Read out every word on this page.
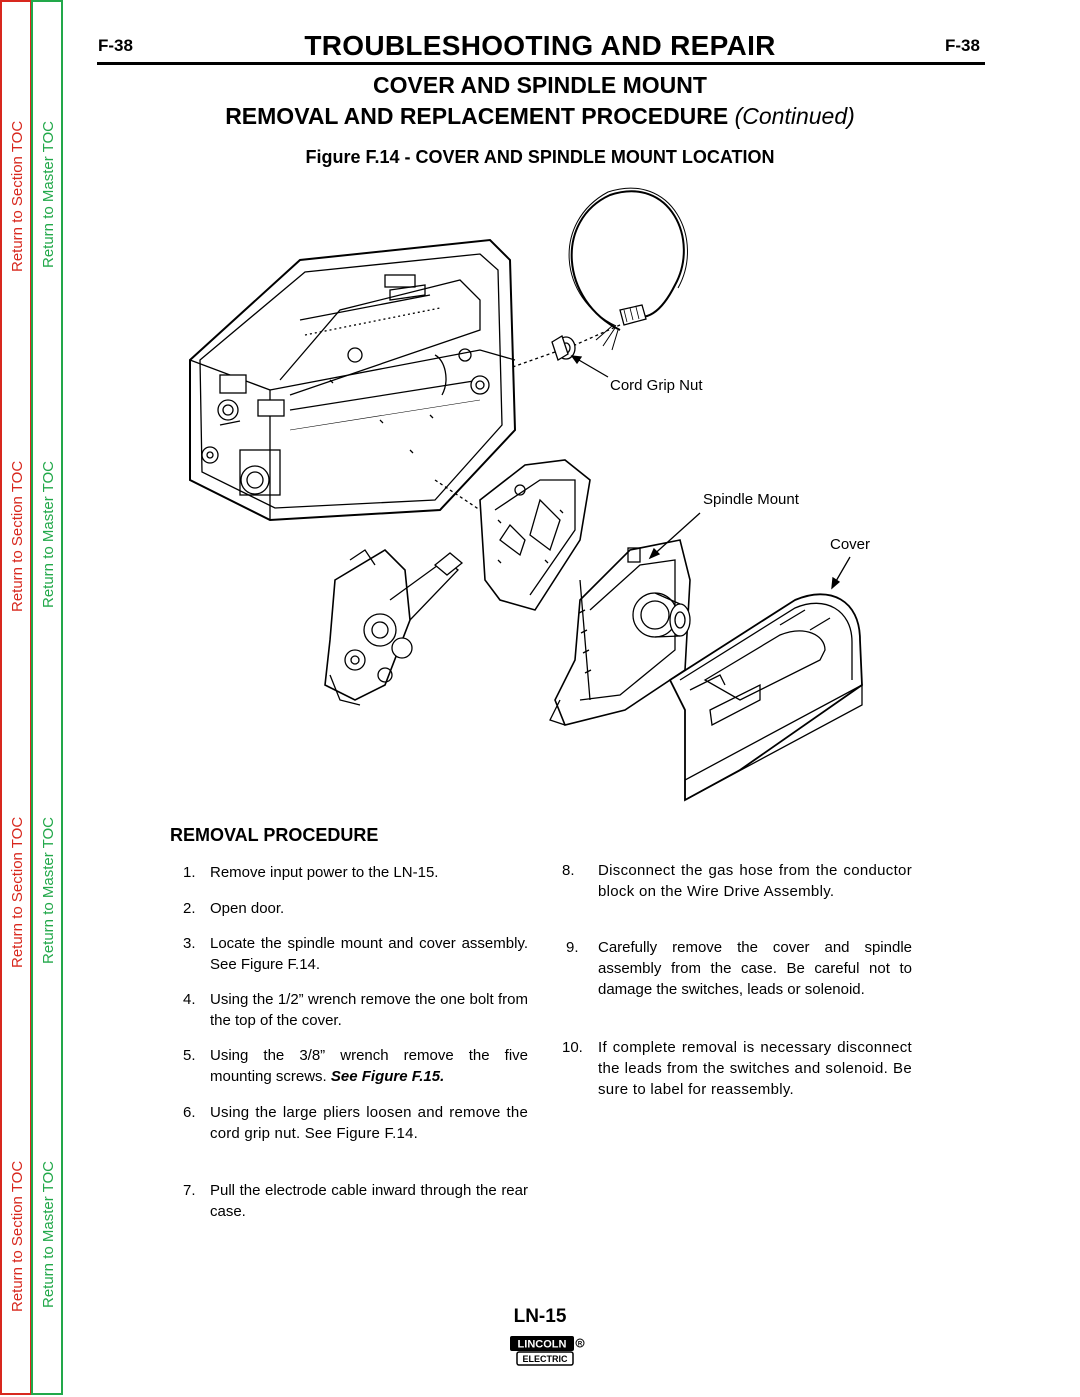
Return to Section TOC
Return to Section TOC
Return to Section TOC
Return to Section TOC
Return to Master TOC
Return to Master TOC
Return to Master TOC
Return to Master TOC
F-38	F-38
TROUBLESHOOTING AND REPAIR
COVER AND SPINDLE MOUNT
REMOVAL AND REPLACEMENT PROCEDURE (Continued)
Figure F.14 - COVER AND SPINDLE MOUNT LOCATION
Cord Grip Nut
Spindle Mount
Cover
REMOVAL PROCEDURE
1. Remove input power to the LN-15.
2. Open door.
3. Locate the spindle mount and cover assembly. See Figure F.14.
4. Using the 1/2” wrench remove the one bolt from the top of the cover.
5. Using the 3/8” wrench remove the five mounting screws. See Figure F.15.
6. Using the large pliers loosen and remove the cord grip nut. See Figure F.14.
7. Pull the electrode cable inward through the rear case.
8. Disconnect the gas hose from the conductor block on the Wire Drive Assembly.
9. Carefully remove the cover and spindle assembly from the case. Be careful not to damage the switches, leads or solenoid.
10. If complete removal is necessary disconnect the leads from the switches and solenoid. Be sure to label for reassembly.
LN-15
LINCOLN R
ELECTRIC
